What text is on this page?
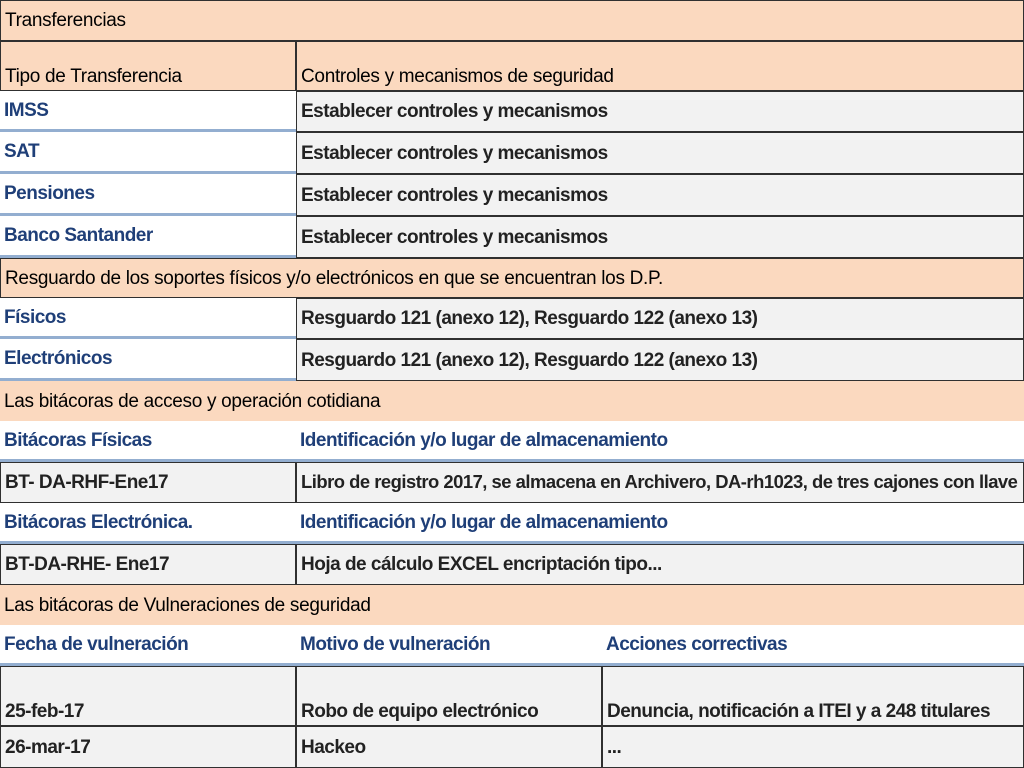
Transferencias
Tipo de Transferencia	Controles y mecanismos de seguridad
IMSS	Establecer controles y mecanismos
SAT	Establecer controles y mecanismos
Pensiones	Establecer controles y mecanismos
Banco Santander	Establecer controles y mecanismos
Resguardo de los soportes físicos y/o electrónicos en que se encuentran los D.P.
Físicos	Resguardo 121 (anexo 12), Resguardo 122 (anexo 13)
Electrónicos	Resguardo 121 (anexo 12), Resguardo 122 (anexo 13)
Las bitácoras de acceso y operación cotidiana
Bitácoras Físicas	Identificación y/o lugar de almacenamiento
BT- DA-RHF-Ene17	Libro de registro 2017, se almacena en Archivero, DA-rh1023, de tres cajones con llave
Bitácoras Electrónica.	Identificación y/o lugar de almacenamiento
BT-DA-RHE- Ene17	Hoja de cálculo EXCEL encriptación tipo...
Las bitácoras de Vulneraciones de seguridad
Fecha de vulneración	Motivo de vulneración	Acciones correctivas
25-feb-17	Robo de equipo electrónico	Denuncia, notificación a ITEI y a 248 titulares
26-mar-17	Hackeo	...
